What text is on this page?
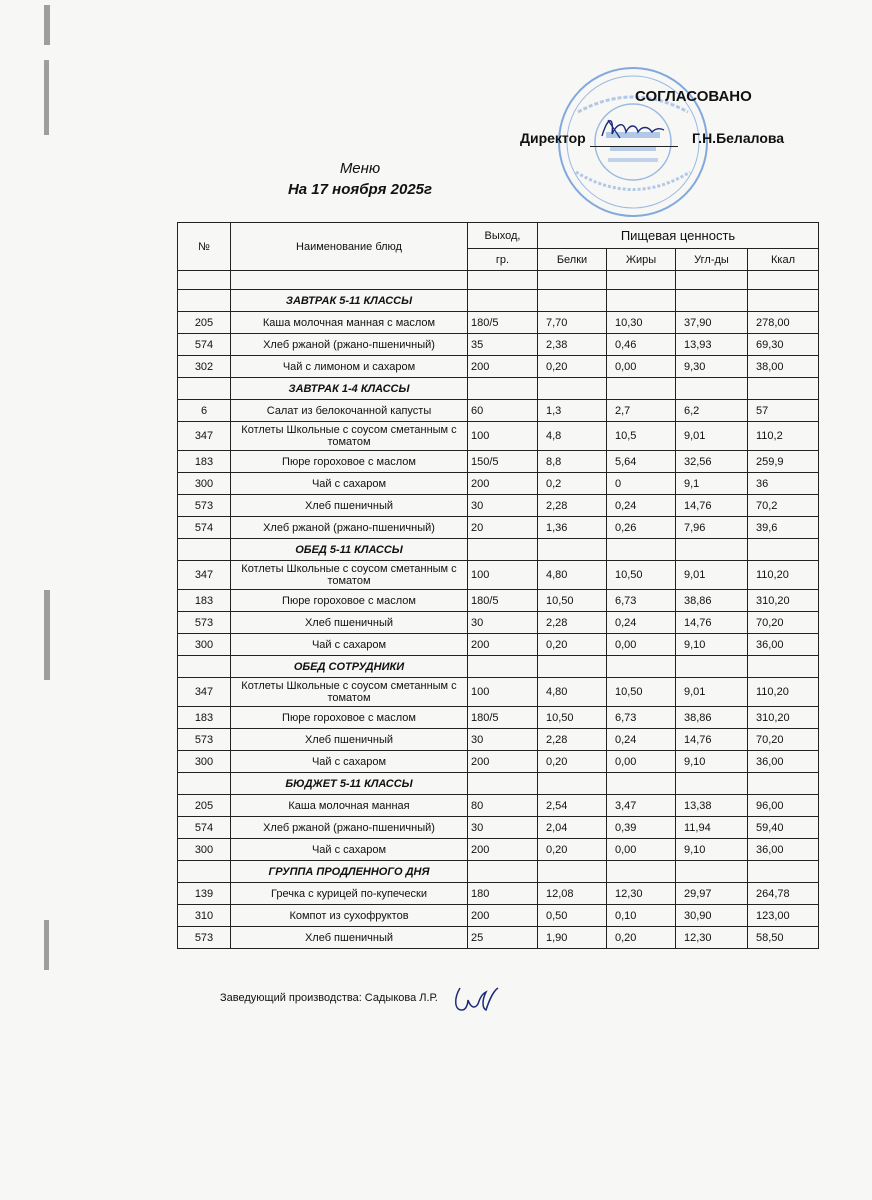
СОГЛАСОВАНО
Директор	Г.Н.Белалова
Меню
На 17 ноября 2025г
№	Наименование блюд	Выход,	Пищевая ценность			
		гр.	Белки	Жиры	Угл-ды	Ккал

	ЗАВТРАК 5-11 КЛАССЫ					
205	Каша молочная манная с маслом	180/5	7,70	10,30	37,90	278,00
574	Хлеб ржаной (ржано-пшеничный)	35	2,38	0,46	13,93	69,30
302	Чай с лимоном и сахаром	200	0,20	0,00	9,30	38,00
	ЗАВТРАК 1-4 КЛАССЫ					
6	Салат из белокочанной капусты	60	1,3	2,7	6,2	57
347	Котлеты Школьные с соусом сметанным с томатом	100	4,8	10,5	9,01	110,2
183	Пюре гороховое с маслом	150/5	8,8	5,64	32,56	259,9
300	Чай с сахаром	200	0,2	0	9,1	36
573	Хлеб пшеничный	30	2,28	0,24	14,76	70,2
574	Хлеб ржаной (ржано-пшеничный)	20	1,36	0,26	7,96	39,6
	ОБЕД 5-11 КЛАССЫ					
347	Котлеты Школьные с соусом сметанным с томатом	100	4,80	10,50	9,01	110,20
183	Пюре гороховое с маслом	180/5	10,50	6,73	38,86	310,20
573	Хлеб пшеничный	30	2,28	0,24	14,76	70,20
300	Чай с сахаром	200	0,20	0,00	9,10	36,00
	ОБЕД СОТРУДНИКИ					
347	Котлеты Школьные с соусом сметанным с томатом	100	4,80	10,50	9,01	110,20
183	Пюре гороховое с маслом	180/5	10,50	6,73	38,86	310,20
573	Хлеб пшеничный	30	2,28	0,24	14,76	70,20
300	Чай с сахаром	200	0,20	0,00	9,10	36,00
	БЮДЖЕТ 5-11 КЛАССЫ					
205	Каша молочная манная	80	2,54	3,47	13,38	96,00
574	Хлеб ржаной (ржано-пшеничный)	30	2,04	0,39	11,94	59,40
300	Чай с сахаром	200	0,20	0,00	9,10	36,00
	ГРУППА ПРОДЛЕННОГО ДНЯ					
139	Гречка с курицей по-купечески	180	12,08	12,30	29,97	264,78
310	Компот из сухофруктов	200	0,50	0,10	30,90	123,00
573	Хлеб пшеничный	25	1,90	0,20	12,30	58,50
Заведующий производства: Садыкова Л.Р.
